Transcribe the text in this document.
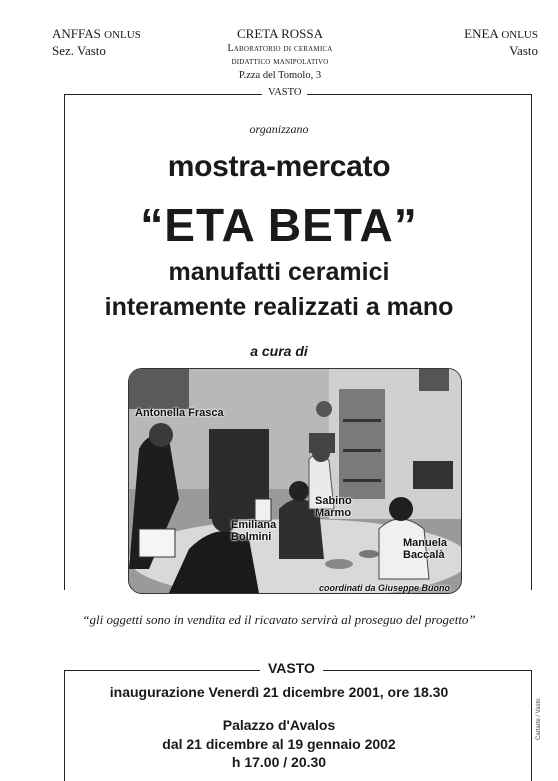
ANFFAS ONLUS
Sez. Vasto
CRETA ROSSA
Laboratorio di ceramica
didattico manipolativo
P.zza del Tomolo, 3
ENEA ONLUS
Vasto
VASTO
organizzano
mostra-mercato
“ETA BETA”
manufatti ceramici
interamente realizzati a mano
a cura di
Antonella Frasca
Sabino Marmo
Emiliana Bolmini	Manuela Baccalà
coordinati da Giuseppe Buono
“gli oggetti sono in vendita ed il ricavato servirà al proseguo del progetto”
VASTO
inaugurazione Venerdì 21 dicembre 2001, ore 18.30
Palazzo d'Avalos
dal 21 dicembre al 19 gennaio 2002
h 17.00 / 20.30
Cartarte / Vasto
